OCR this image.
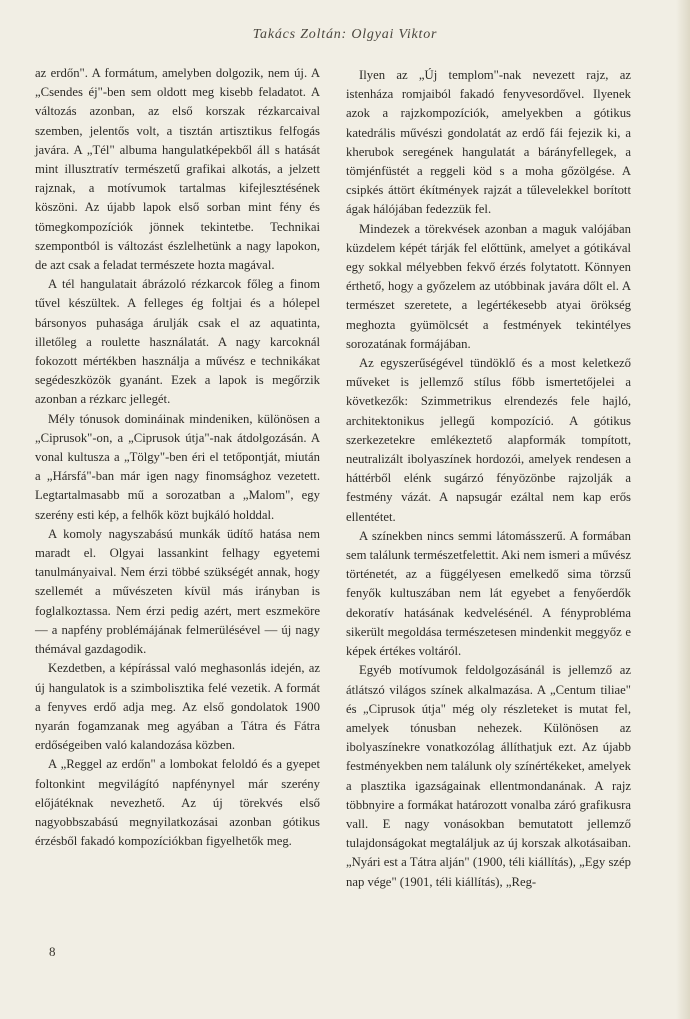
Takács Zoltán: Olgyai Viktor

az erdőn". A formátum, amelyben dolgozik, nem új. A „Csendes éj"-ben sem oldott meg kisebb feladatot. A változás azonban, az első korszak rézkarcaival szemben, jelentős volt, a tisztán artisztikus felfogás javára. A „Tél" albuma hangulatképekből áll s hatását mint illusztratív természetű grafikai alkotás, a jelzett rajznak, a motívumok tartalmas kifejlesztésének köszöni. Az újabb lapok első sorban mint fény és tömegkompozíciók jönnek tekintetbe. Technikai szempontból is változást észlelhetünk a nagy lapokon, de azt csak a feladat természete hozta magával.

A tél hangulatait ábrázoló rézkarcok főleg a finom tűvel készültek. A felleges ég foltjai és a hólepel bársonyos puhasága árulják csak el az aquatinta, illetőleg a roulette használatát. A nagy karcoknál fokozott mértékben használja a művész e technikákat segédeszközök gyanánt. Ezek a lapok is megőrzik azonban a rézkarc jellegét.

Mély tónusok domináinak mindeniken, különösen a „Ciprusok"-on, a „Ciprusok útja"-nak átdolgozásán. A vonal kultusza a „Tölgy"-ben éri el tetőpontját, miután a „Hársfá"-ban már igen nagy finomsághoz vezetett. Legtartalmasabb mű a sorozatban a „Malom", egy szerény esti kép, a felhők közt bujkáló holddal.

A komoly nagyszabású munkák üdítő hatása nem maradt el. Olgyai lassankint felhagy egyetemi tanulmányaival. Nem érzi többé szükségét annak, hogy szellemét a művészeten kívül más irányban is foglalkoztassa. Nem érzi pedig azért, mert eszmeköre — a napfény problémájának felmerülésével — új nagy thémával gazdagodik.

Kezdetben, a képírással való meghasonlás idején, az új hangulatok is a szimbolisztika felé vezetik. A formát a fenyves erdő adja meg. Az első gondolatok 1900 nyarán fogamzanak meg agyában a Tátra és Fátra erdőségeiben való kalandozása közben.

A „Reggel az erdőn" a lombokat feloldó és a gyepet foltonkint megvilágító napfénynyel már szerény előjátéknak nevezhető. Az új törekvés első nagyobbszabású megnyilatkozásai azonban gótikus érzésből fakadó kompozíciókban figyelhetők meg.

Ilyen az „Új templom"-nak nevezett rajz, az istenháza romjaiból fakadó fenyvesordővel. Ilyenek azok a rajzkompozíciók, amelyekben a gótikus katedrális művészi gondolatát az erdő fái fejezik ki, a kherubok seregének hangulatát a bárányfellegek, a tömjénfüstét a reggeli köd s a moha gőzölgése. A csipkés áttört ékítmények rajzát a tűlevelekkel borított ágak hálójában fedezzük fel.

Mindezek a törekvések azonban a maguk valójában küzdelem képét tárják fel előttünk, amelyet a gótikával egy sokkal mélyebben fekvő érzés folytatott. Könnyen érthető, hogy a győzelem az utóbbinak javára dőlt el. A természet szeretete, a legértékesebb atyai örökség meghozta gyümölcsét a festmények tekintélyes sorozatának formájában.

Az egyszerűségével tündöklő és a most keletkező műveket is jellemző stílus főbb ismertetőjelei a következők: Szimmetrikus elrendezés fele hajló, architektonikus jellegű kompozíció. A gótikus szerkezetekre emlékeztető alapformák tompított, neutralizált ibolyaszínek hordozói, amelyek rendesen a háttérből elénk sugárzó fényözönbe rajzolják a festmény vázát. A napsugár ezáltal nem kap erős ellentétet.

A színekben nincs semmi látomásszerű. A formában sem találunk természetfelettit. Aki nem ismeri a művész történetét, az a függélyesen emelkedő sima törzsű fenyők kultuszában nem lát egyebet a fenyőerdők dekoratív hatásának kedvelésénél. A fényprobléma sikerült megoldása természetesen mindenkit meggyőz e képek értékes voltáról.

Egyéb motívumok feldolgozásánál is jellemző az átlátszó világos színek alkalmazása. A „Centum tiliae" és „Ciprusok útja" még oly részleteket is mutat fel, amelyek tónusban nehezek. Különösen az ibolyaszínekre vonatkozólag állíthatjuk ezt. Az újabb festményekben nem találunk oly színértékeket, amelyek a plasztika igazságainak ellentmondanának. A rajz többnyire a formákat határozott vonalba záró grafikusra vall. E nagy vonásokban bemutatott jellemző tulajdonságokat megtaláljuk az új korszak alkotásaiban. „Nyári est a Tátra alján" (1900, téli kiállítás), „Egy szép nap vége" (1901, téli kiállítás), „Reg-

8
